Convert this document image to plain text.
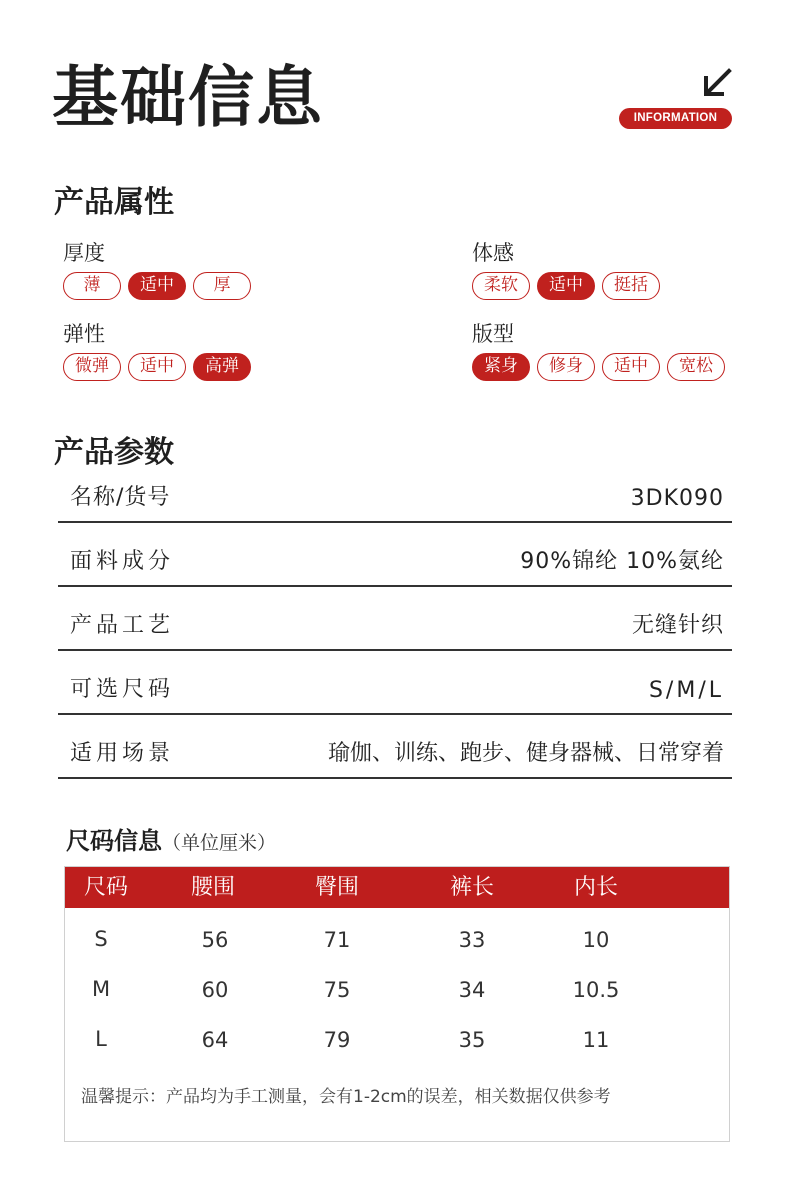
基础信息	INFORMATION
产品属性
厚度
薄	适中	厚
体感
柔软	适中	挺括
弹性
微弹	适中	高弹
版型
紧身	修身	适中	宽松
产品参数
名称/货号	3DK090
面料成分	90%锦纶 10%氨纶
产品工艺	无缝针织
可选尺码	S/M/L
适用场景	瑜伽、训练、跑步、健身器械、日常穿着
尺码信息（单位厘米）
尺码	腰围	臀围	裤长	内长
S	56	71	33	10
M	60	75	34	10.5
L	64	79	35	11
温馨提示：产品均为手工测量，会有1-2cm的误差，相关数据仅供参考
